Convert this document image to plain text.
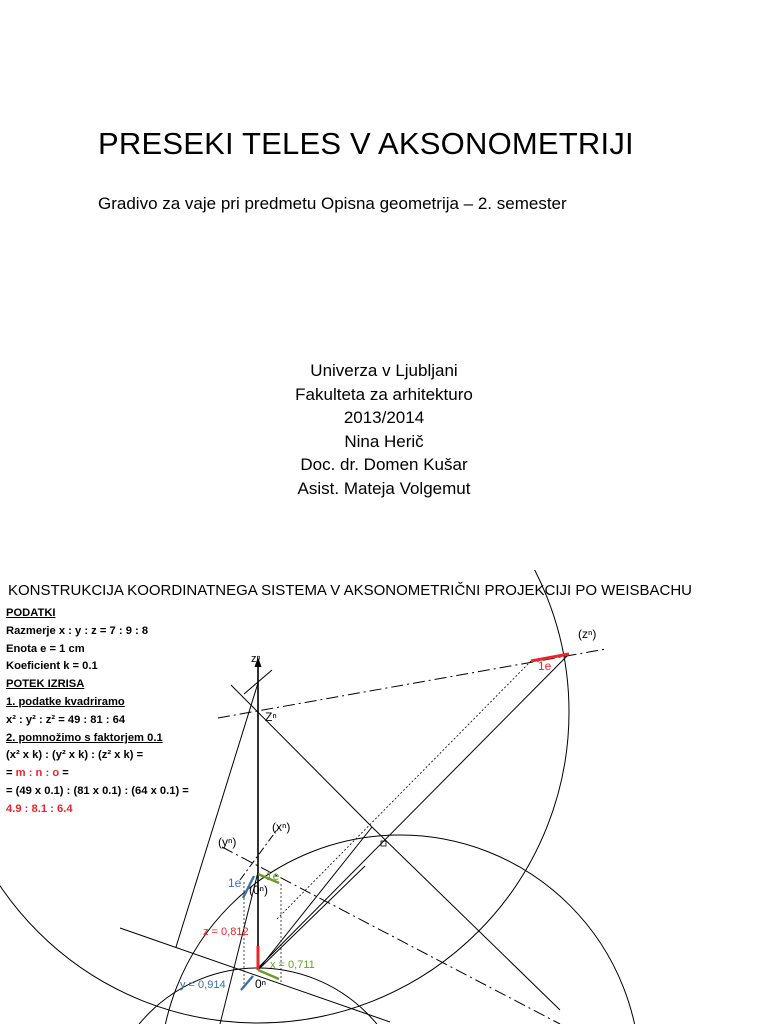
PRESEKI TELES V AKSONOMETRIJI
Gradivo za vaje pri predmetu Opisna geometrija – 2. semester
Univerza v Ljubljani
Fakulteta za arhitekturo
2013/2014
Nina Herič
Doc. dr. Domen Kušar
Asist. Mateja Volgemut
zⁿ
Zⁿ
(zⁿ)
1e
(xⁿ)
(yⁿ)
1e
1e (0ⁿ)
z = 0,812
x = 0,711
y = 0,914 0ⁿ
KONSTRUKCIJA KOORDINATNEGA SISTEMA V AKSONOMETRIČNI PROJEKCIJI PO WEISBACHU
PODATKI
Razmerje x : y : z = 7 : 9 : 8
Enota e = 1 cm
Koeficient k = 0.1
POTEK IZRISA
1. podatke kvadriramo
x² : y² : z² = 49 : 81 : 64
2. pomnožimo s faktorjem 0.1
(x² x k) : (y² x k) : (z² x k) =
= m : n : o =
= (49 x 0.1) : (81 x 0.1) : (64 x 0.1) =
4.9 : 8.1 : 6.4
